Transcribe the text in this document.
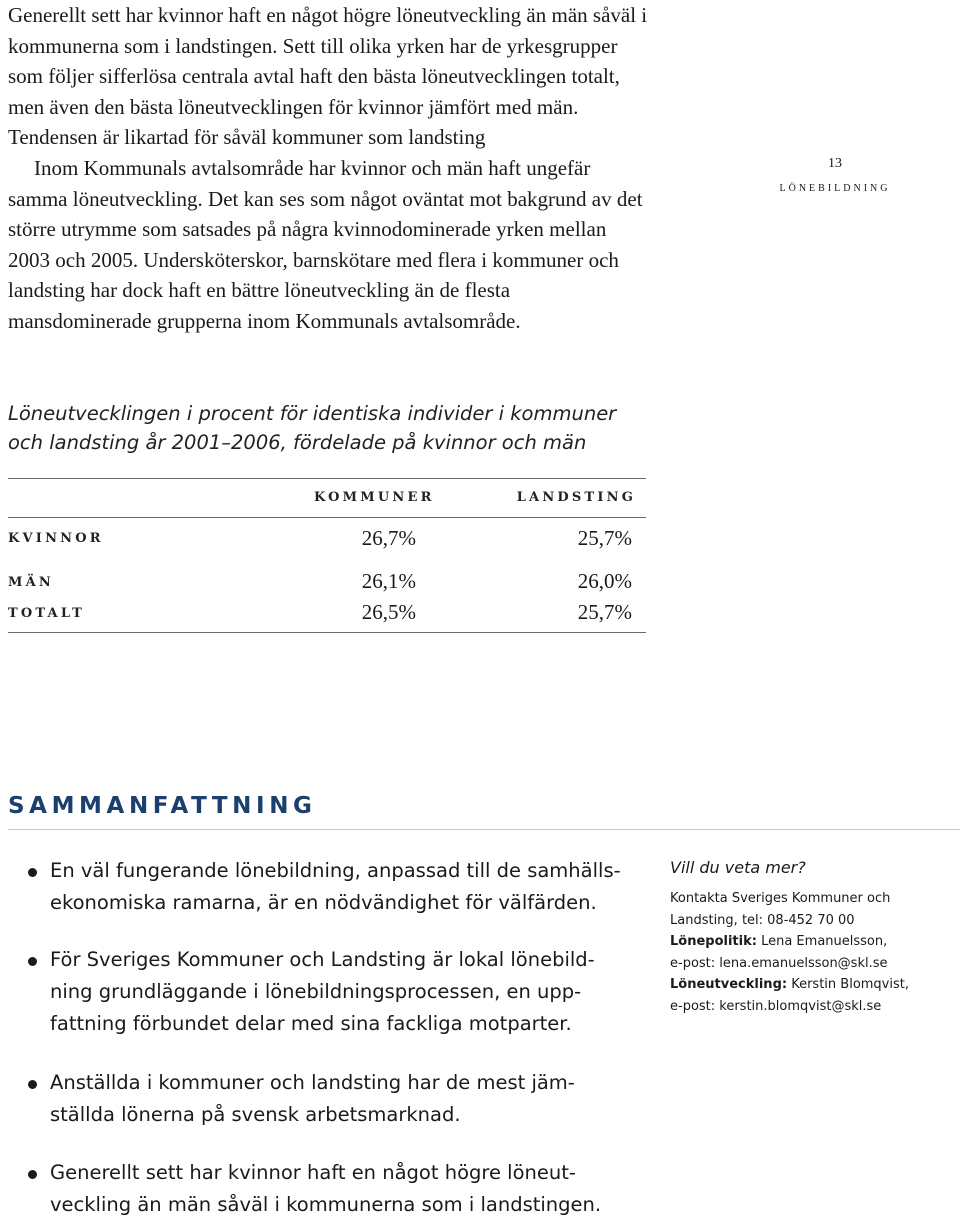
Generellt sett har kvinnor haft en något högre löneutveckling än män såväl i kommunerna som i landstingen. Sett till olika yrken har de yrkesgrupper som följer sifferlösa centrala avtal haft den bästa löneutvecklingen totalt, men även den bästa löneutvecklingen för kvinnor jämfört med män. Tendensen är likartad för såväl kommuner som landsting

Inom Kommunals avtalsområde har kvinnor och män haft ungefär samma löneutveckling. Det kan ses som något oväntat mot bakgrund av det större utrymme som satsades på några kvinnodominerade yrken mellan 2003 och 2005. Undersköterskor, barnskötare med flera i kommuner och landsting har dock haft en bättre löneutveckling än de flesta mansdominerade grupperna inom Kommunals avtalsområde.

13
lönebildning
Löneutvecklingen i procent för identiska individer i kommuner och landsting år 2001–2006, fördelade på kvinnor och män
KOMMUNER	LANDSTING
KVINNOR	26,7%	25,7%
MÄN	26,1%	26,0%
TOTALT	26,5%	25,7%
SAMMANFATTNING
En väl fungerande lönebildning, anpassad till de samhälls-ekonomiska ramarna, är en nödvändighet för välfärden.
För Sveriges Kommuner och Landsting är lokal lönebild-ning grundläggande i lönebildningsprocessen, en upp-fattning förbundet delar med sina fackliga motparter.
Anställda i kommuner och landsting har de mest jäm-ställda lönerna på svensk arbetsmarknad.
Generellt sett har kvinnor haft en något högre löneut-veckling än män såväl i kommunerna som i landstingen.
Vill du veta mer?
Kontakta Sveriges Kommuner och
Landsting, tel: 08-452 70 00
Lönepolitik: Lena Emanuelsson,
e-post: lena.emanuelsson@skl.se
Löneutveckling: Kerstin Blomqvist,
e-post: kerstin.blomqvist@skl.se
